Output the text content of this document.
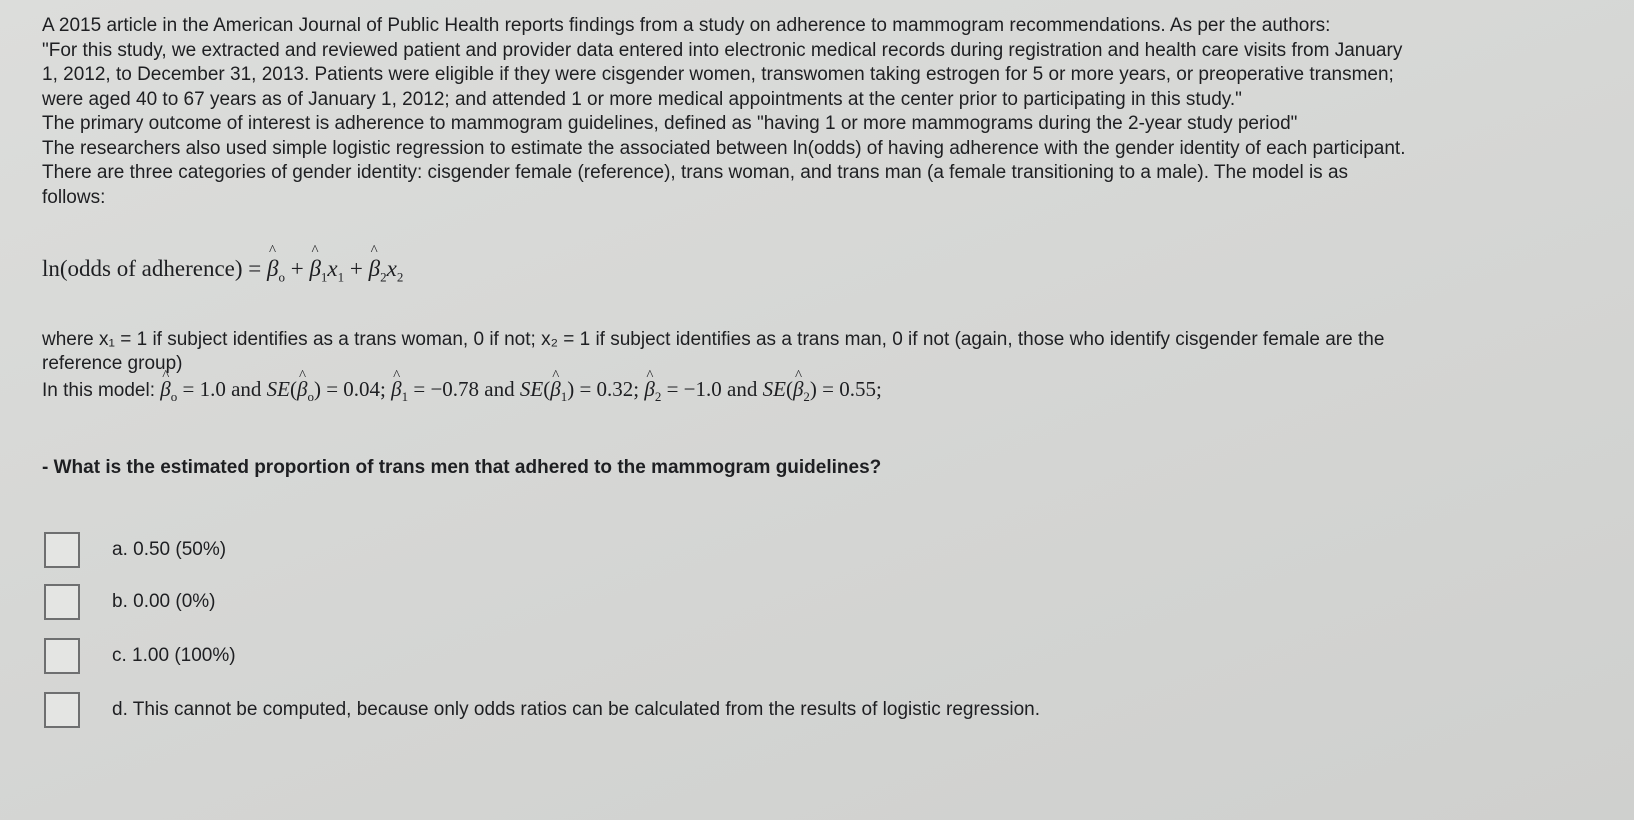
A 2015 article in the American Journal of Public Health reports findings from a study on adherence to mammogram recommendations. As per the authors:

"For this study, we extracted and reviewed patient and provider data entered into electronic medical records during registration and health care visits from January

1, 2012, to December 31, 2013. Patients were eligible if they were cisgender women, transwomen taking estrogen for 5 or more years, or preoperative transmen;

were aged 40 to 67 years as of January 1, 2012; and attended 1 or more medical appointments at the center prior to participating in this study."

The primary outcome of interest is adherence to mammogram guidelines, defined as "having 1 or more mammograms during the 2-year study period"

The researchers also used simple logistic regression to estimate the associated between ln(odds) of having adherence with the gender identity of each participant.

There are three categories of gender identity: cisgender female (reference), trans woman, and trans man (a female transitioning to a male). The model is as

follows:

ln(odds of adherence) = ^ $\beta_o$ + ^ $\beta_1x_1$ + ^ $\beta_2x_2$

where x₁ = 1 if subject identifies as a trans woman, 0 if not; x₂ = 1 if subject identifies as a trans man, 0 if not (again, those who identify cisgender female are the

reference group)

In this model: ^ $\beta_o = 1.0$ and SE(^ $\beta_o) = 0.04$; ^ $\beta_1 = -0.78$ and SE(^ $\beta_1) = 0.32$; ^ $\beta_2 = -1.0$ and SE(^ $\beta_2) = 0.55$;

- What is the estimated proportion of trans men that adhered to the mammogram guidelines?

a. 0.50 (50%)
b. 0.00 (0%)
c. 1.00 (100%)
d. This cannot be computed, because only odds ratios can be calculated from the results of logistic regression.
